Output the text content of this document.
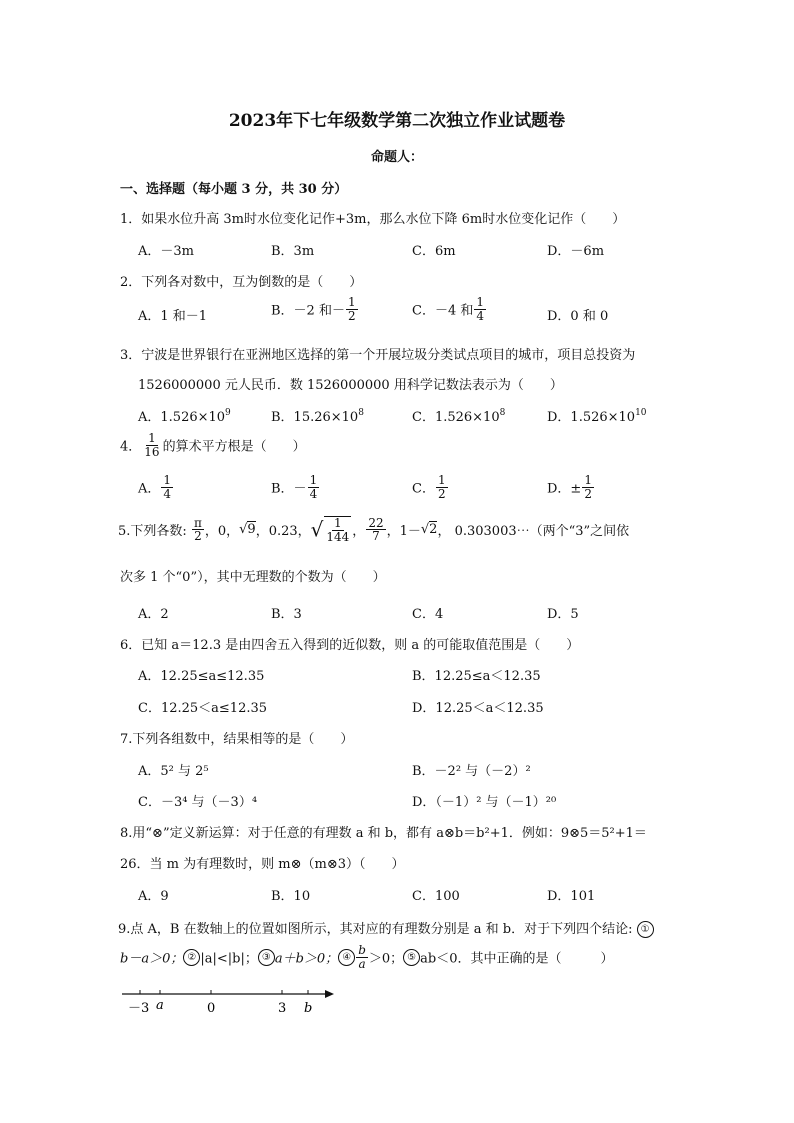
2023年下七年级数学第二次独立作业试题卷
命题人：
一、选择题（每小题 3 分，共 30 分）
1．如果水位升高 3m时水位变化记作+3m，那么水位下降 6m时水位变化记作（　　）
A．－3m	B．3m	C．6m	D．－6m
2．下列各对数中，互为倒数的是（　　）
A．1 和－1	B．－2 和－ $\frac{1}{2}$	C．－4 和 $\frac{1}{4}$	D．0 和 0
3．宁波是世界银行在亚洲地区选择的第一个开展垃圾分类试点项目的城市，项目总投资为
1526000000 元人民币．数 1526000000 用科学记数法表示为（　　）
A．$1.526\times 10^9$	B．$15.26\times 10^8$	C．$1.526\times 10^8$	D．$1.526\times 10^{10}$
4． $\frac{1}{16}$ 的算术平方根是（　　）
A． $\frac{1}{4}$	B．－ $\frac{1}{4}$	C． $\frac{1}{2}$	D．± $\frac{1}{2}$
5.下列各数: $\frac{\pi}{2}$ ，0，√9，0.23，√ $\frac{1}{144}$ ， $\frac{22}{7}$ ，1－√2， 0.303003⋯（两个“3”之间依
次多 1 个“0”），其中无理数的个数为（　　）
A．2	B．3	C．4	D．5
6．已知 a＝12.3 是由四舍五入得到的近似数，则 a 的可能取值范围是（　　）
A．12.25≤a≤12.35	B．12.25≤a＜12.35
C．12.25＜a≤12.35	D．12.25＜a＜12.35
7.下列各组数中，结果相等的是（　　）
A．5² 与 2⁵	B．－2² 与（－2）²
C．－3⁴ 与（－3）⁴	D．（－1）² 与（－1）²⁰
8.用“⊗”定义新运算：对于任意的有理数 a 和 b，都有 a⊗b＝b²+1．例如：9⊗5＝5²+1＝
26．当 m 为有理数时，则 m⊗（m⊗3）（　　）
A．9	B．10	C．100	D．101
9.点 A，B 在数轴上的位置如图所示，其对应的有理数分别是 a 和 b．对于下列四个结论: ①
b－a＞0； ② |a|<|b|； ③ a＋b＞0； ④ $\frac{b}{a} >0$； ⑤ ab＜0．其中正确的是（　　　）
－3 a	0	3 b
